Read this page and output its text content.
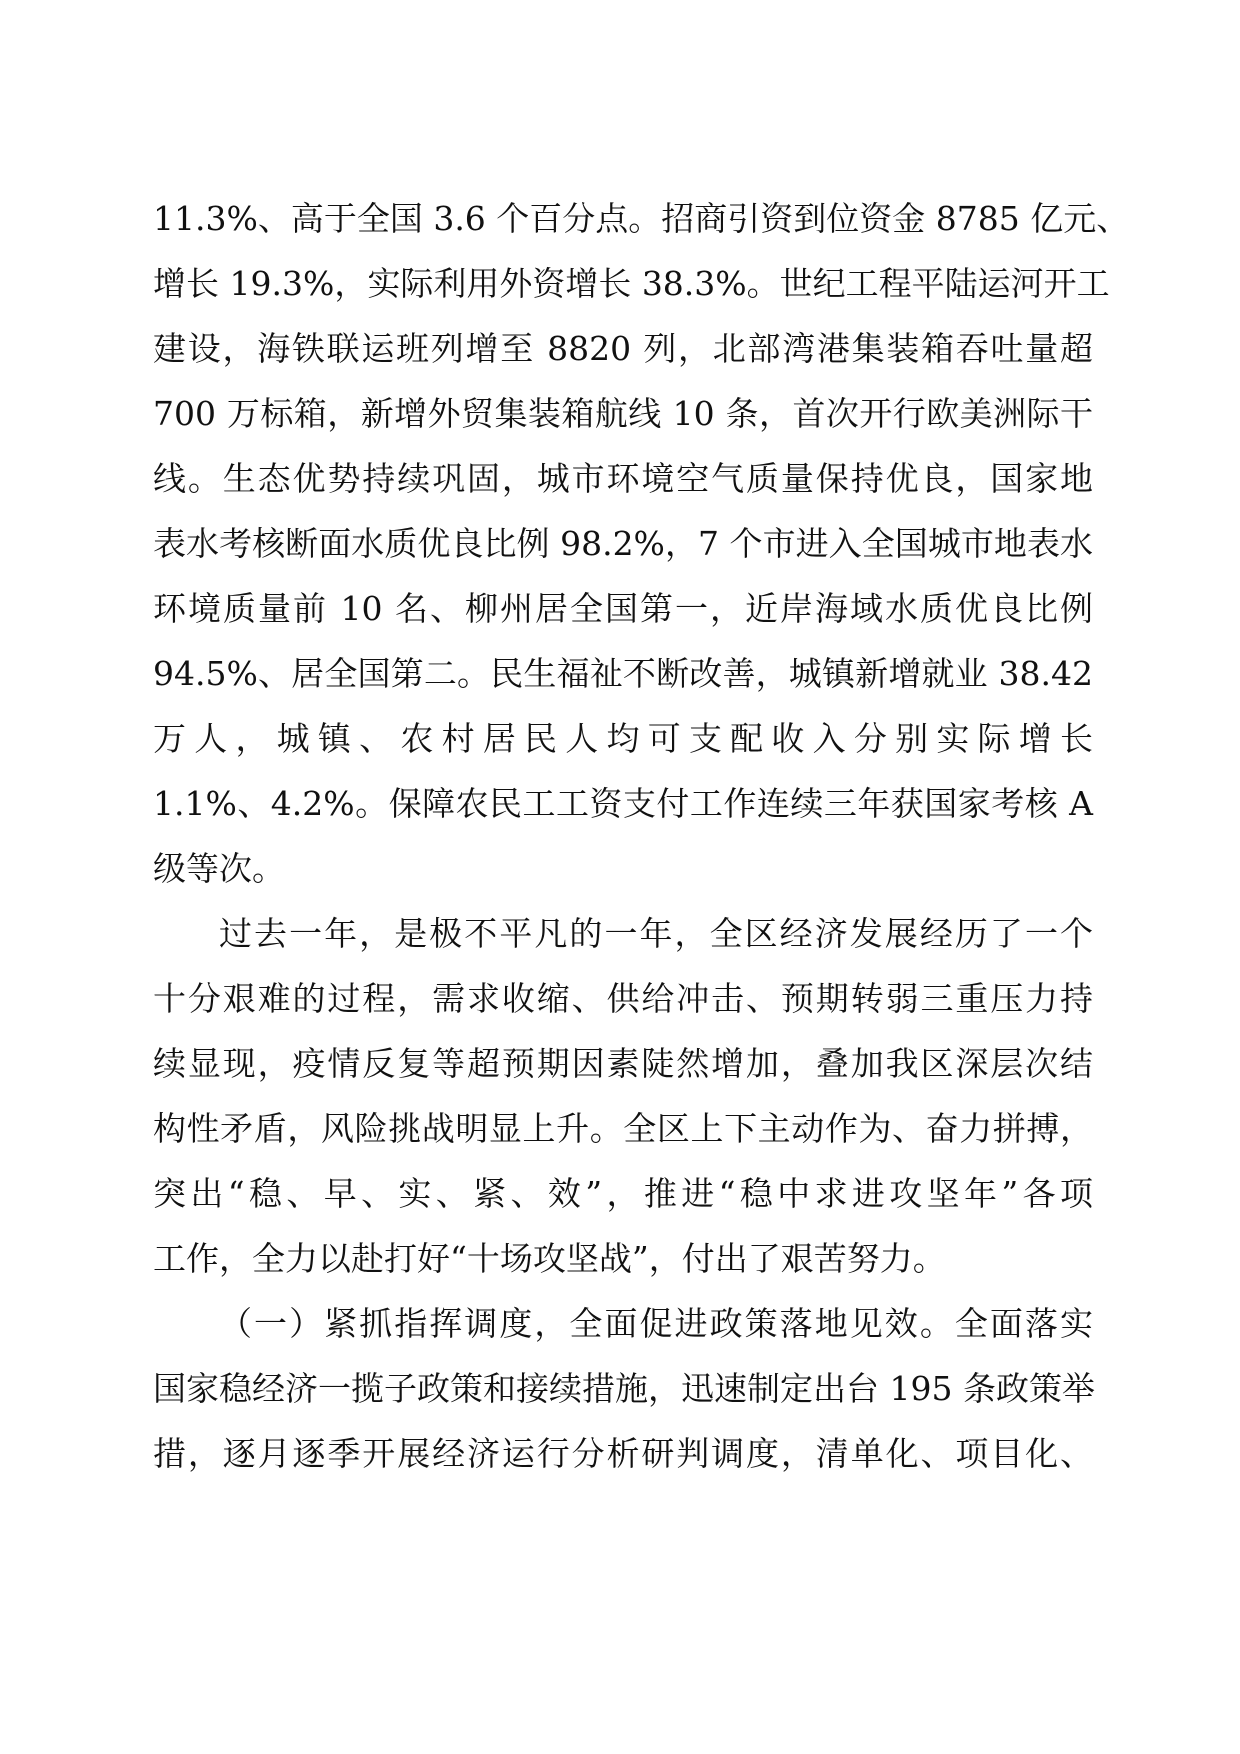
11.3%、高于全国 3.6 个百分点。招商引资到位资金 8785 亿元、
增长 19.3%，实际利用外资增长 38.3%。世纪工程平陆运河开工
建设，海铁联运班列增至 8820 列，北部湾港集装箱吞吐量超
700 万标箱，新增外贸集装箱航线 10 条，首次开行欧美洲际干
线。生态优势持续巩固，城市环境空气质量保持优良，国家地
表水考核断面水质优良比例 98.2%，7 个市进入全国城市地表水
环境质量前 10 名、柳州居全国第一，近岸海域水质优良比例
94.5%、居全国第二。民生福祉不断改善，城镇新增就业 38.42
万人，城镇、农村居民人均可支配收入分别实际增长
1.1%、4.2%。保障农民工工资支付工作连续三年获国家考核 A
级等次。
过去一年，是极不平凡的一年，全区经济发展经历了一个
十分艰难的过程，需求收缩、供给冲击、预期转弱三重压力持
续显现，疫情反复等超预期因素陡然增加，叠加我区深层次结
构性矛盾，风险挑战明显上升。全区上下主动作为、奋力拼搏，
突出“稳、早、实、紧、效”，推进“稳中求进攻坚年”各项
工作，全力以赴打好“十场攻坚战”，付出了艰苦努力。
（一）紧抓指挥调度，全面促进政策落地见效。全面落实
国家稳经济一揽子政策和接续措施，迅速制定出台 195 条政策举
措，逐月逐季开展经济运行分析研判调度，清单化、项目化、
